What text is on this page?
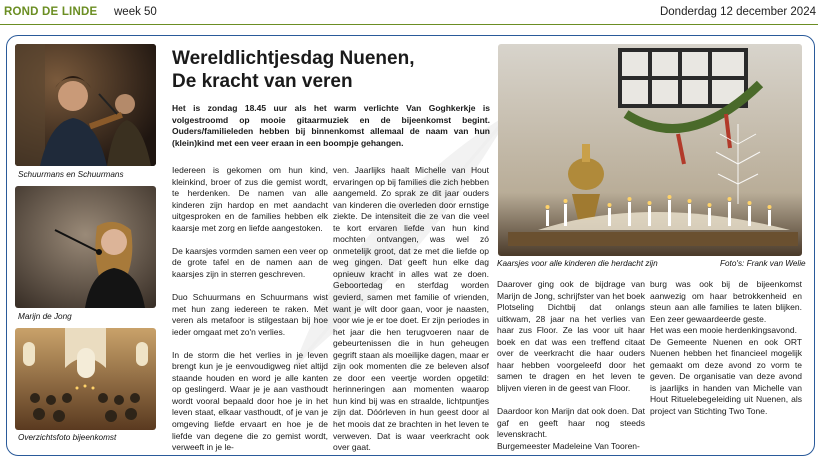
ROND DE LINDE week 50	Donderdag 12 december 2024
Schuurmans en Schuurmans
Marijn de Jong
Overzichtsfoto bijeenkomst
Wereldlichtjesdag Nuenen,
De kracht van veren
Het is zondag 18.45 uur als het warm verlichte Van Goghkerkje is volgestroomd op mooie gitaarmuziek en de bijeenkomst begint. Ouders/familieleden hebben bij binnenkomst allemaal de naam van hun (klein)kind met een veer eraan in een boompje gehangen.

Iedereen is gekomen om hun kind, kleinkind, broer of zus die gemist wordt, te herdenken. De namen van alle kinderen zijn hardop en met aandacht uitgesproken en de families hebben elk kaarsje met zorg en liefde aangestoken.

De kaarsjes vormden samen een veer op de grote tafel en de namen aan de kaarsjes zijn in sterren geschreven.

Duo Schuurmans en Schuurmans wist met hun zang iedereen te raken. Met veren als metafoor is stilgestaan bij hoe ieder omgaat met zo'n verlies.

In de storm die het verlies in je leven brengt kun je je eenvoudigweg niet altijd staande houden en word je alle kanten op geslingerd. Waar je je aan vasthoudt wordt vooral bepaald door hoe je in het leven staat, elkaar vasthoudt, of je van je omgeving liefde ervaart en hoe je de liefde van degene die zo gemist wordt, verweeft in je le-

ven. Jaarlijks haalt Michelle van Hout ervaringen op bij families die zich hebben aangemeld. Zo sprak ze dit jaar ouders van kinderen die overleden door ernstige ziekte. De intensiteit die ze van die veel te kort ervaren liefde van hun kind mochten ontvangen, was wel zó onmetelijk groot, dat ze met die liefde op weg gingen. Dat geeft hun elke dag opnieuw kracht in alles wat ze doen. Geboortedag en sterfdag worden gevierd, samen met familie of vrienden, want je wilt door gaan, voor je naasten, voor wie je er toe doet. Er zijn periodes in het jaar die hen terugvoeren naar de gebeurtenissen die in hun geheugen gegrift staan als moeilijke dagen, maar er zijn ook momenten die ze beleven alsof ze door een veertje worden opgetild: herinneringen aan momenten waarop hun kind bij was en straalde, lichtpuntjes zijn dat. Dóórleven in hun geest door al het moois dat ze brachten in het leven te verweven. Dat is waar veerkracht ook over gaat.

Kaarsjes voor alle kinderen die herdacht zijn	Foto's: Frank van Welie

Daarover ging ook de bijdrage van Marijn de Jong, schrijfster van het boek Plotseling Dichtbij dat onlangs uitkwam, 28 jaar na het verlies van haar zus Floor. Ze las voor uit haar boek en dat was een treffend citaat over de veerkracht die haar ouders haar hebben voorgeleefd door het samen te dragen en het leven te blijven vieren in de geest van Floor.

Daardoor kon Marijn dat ook doen. Dat gaf en geeft haar nog steeds levenskracht.

Burgemeester Madeleine Van Tooren-

burg was ook bij de bijeenkomst aanwezig om haar betrokkenheid en steun aan alle families te laten blijken. Een zeer gewaardeerde geste.

Het was een mooie herdenkingsavond.

De Gemeente Nuenen en ook ORT Nuenen hebben het financieel mogelijk gemaakt om deze avond zo vorm te geven. De organisatie van deze avond is jaarlijks in handen van Michelle van Hout Rituelebegeleiding uit Nuenen, als project van Stichting Two Tone.
